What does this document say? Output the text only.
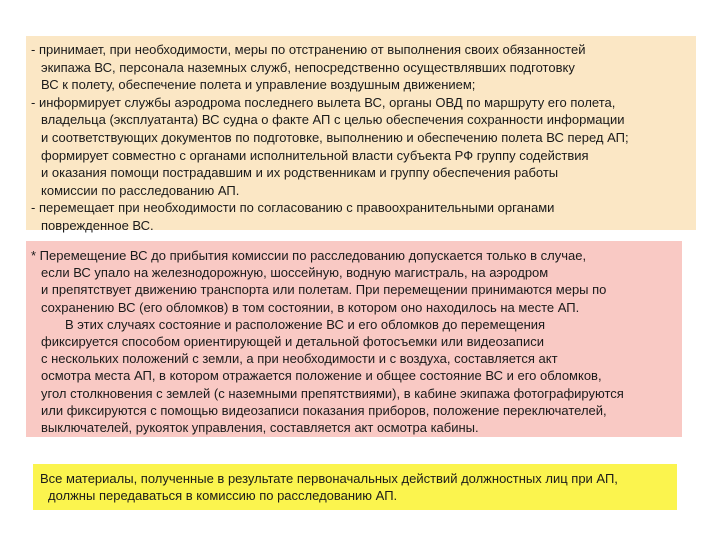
- принимает, при необходимости, меры по отстранению от выполнения своих обязанностей

экипажа ВС, персонала наземных служб, непосредственно осуществлявших подготовку

ВС к полету, обеспечение полета и управление воздушным движением;

- информирует службы аэродрома последнего вылета ВС, органы ОВД по маршруту его полета,

владельца (эксплуатанта) ВС судна о факте АП с целью обеспечения сохранности информации

и соответствующих документов по подготовке, выполнению и обеспечению полета ВС перед АП;

формирует совместно с органами исполнительной власти субъекта РФ группу содействия

и оказания помощи пострадавшим и их родственникам и группу обеспечения работы

комиссии по расследованию АП.

- перемещает при необходимости по согласованию с правоохранительными органами

поврежденное ВС.

* Перемещение ВС до прибытия комиссии по расследованию допускается только в случае,

если ВС упало на железнодорожную, шоссейную, водную магистраль, на аэродром

и препятствует движению транспорта или полетам. При перемещении принимаются меры по

сохранению ВС (его обломков) в том состоянии, в котором оно находилось на месте АП.

В этих случаях состояние и расположение ВС и его обломков до перемещения

фиксируется способом ориентирующей и детальной фотосъемки или видеозаписи

с нескольких положений с земли, а при необходимости и с воздуха, составляется акт

осмотра места АП, в котором отражается положение и общее состояние ВС и его обломков,

угол столкновения с землей (с наземными препятствиями), в кабине экипажа фотографируются

или фиксируются с помощью видеозаписи показания приборов, положение переключателей,

выключателей, рукояток управления, составляется акт осмотра кабины.

Все материалы, полученные в результате первоначальных действий должностных лиц при АП,

должны передаваться в комиссию по расследованию АП.
